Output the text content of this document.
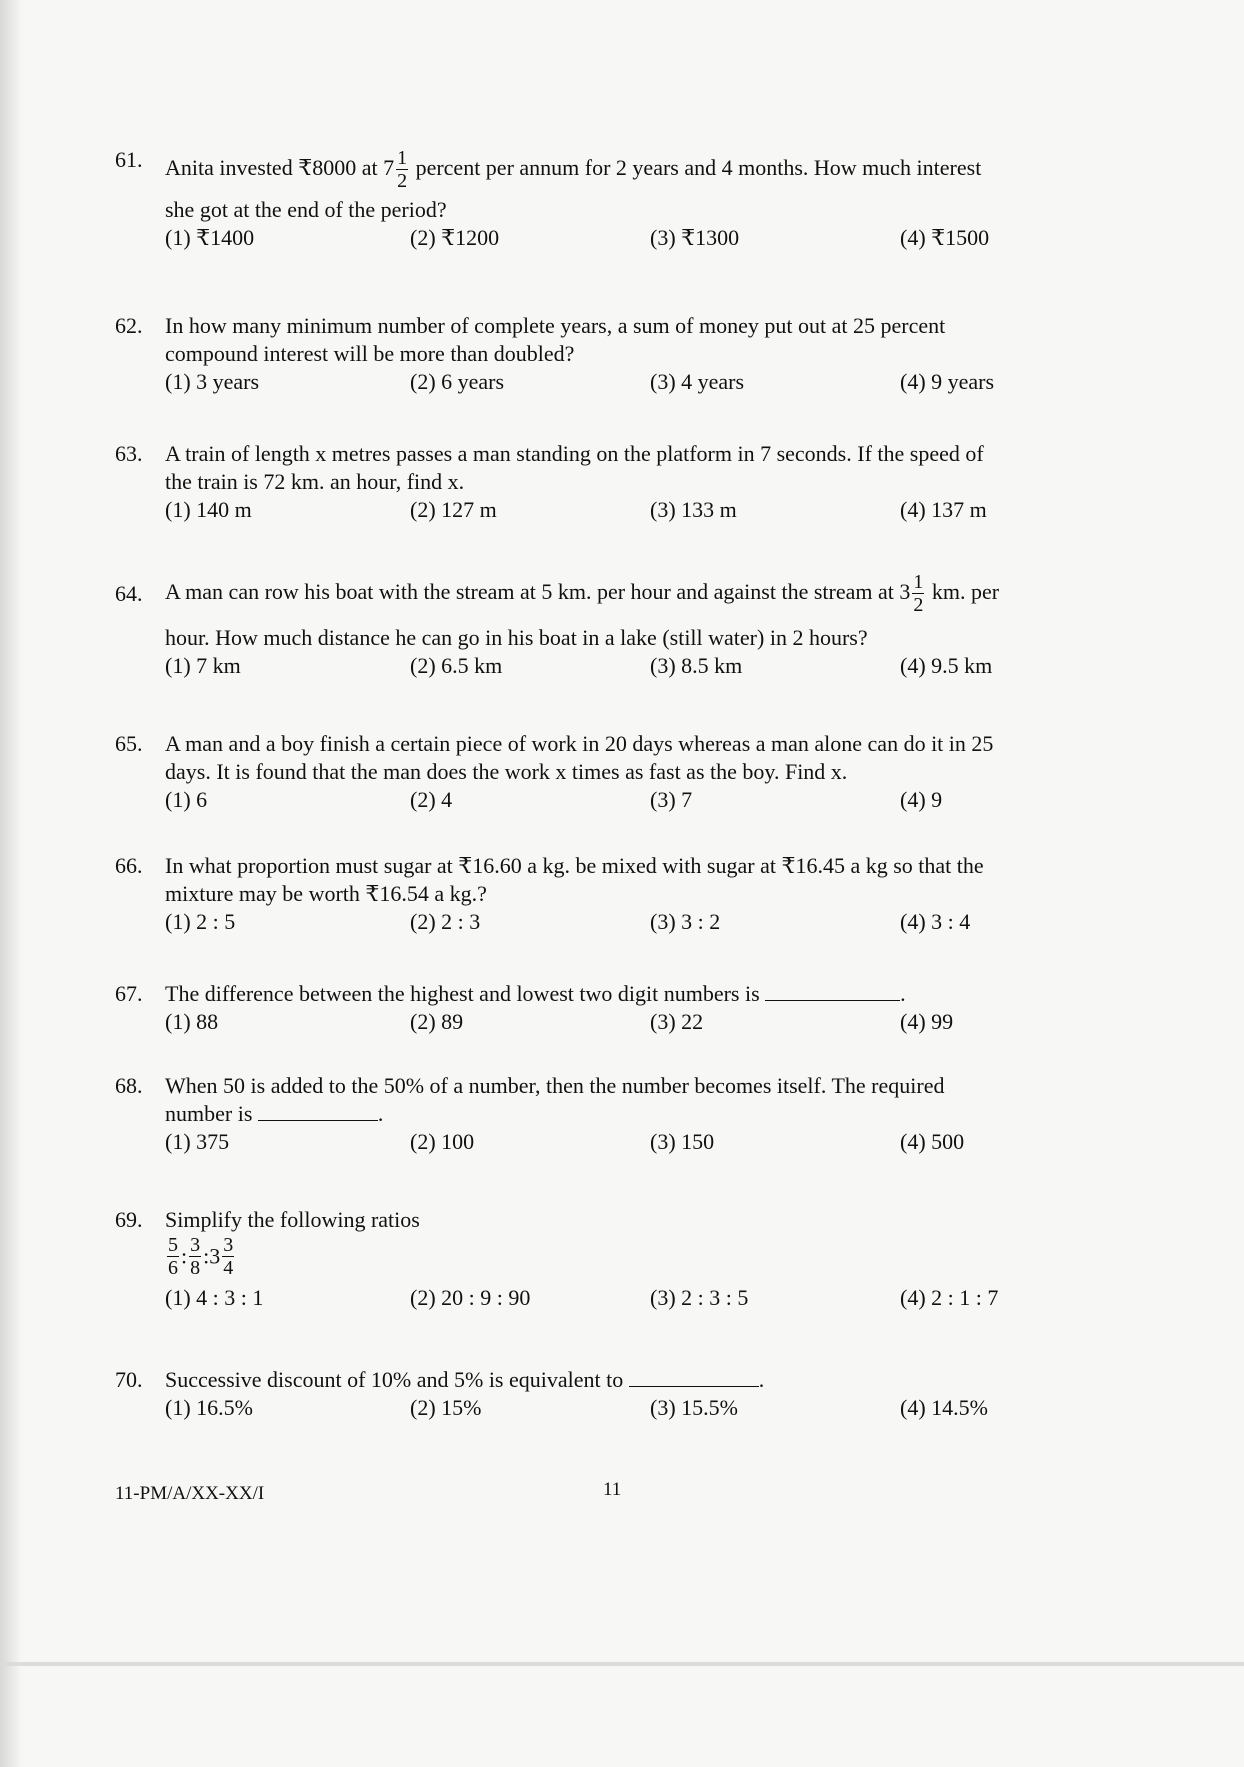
61. Anita invested ₹8000 at $7 \frac{1}{2}$ percent per annum for 2 years and 4 months. How much interest
she got at the end of the period?
(1) ₹1400	(2) ₹1200	(3) ₹1300	(4) ₹1500
62. In how many minimum number of complete years, a sum of money put out at 25 percent
compound interest will be more than doubled?
(1) 3 years	(2) 6 years	(3) 4 years	(4) 9 years
63. A train of length x metres passes a man standing on the platform in 7 seconds. If the speed of
the train is 72 km. an hour, find x.
(1) 140 m	(2) 127 m	(3) 133 m	(4) 137 m
64. A man can row his boat with the stream at 5 km. per hour and against the stream at $3 \frac{1}{2}$ km. per
hour. How much distance he can go in his boat in a lake (still water) in 2 hours?
(1) 7 km	(2) 6.5 km	(3) 8.5 km	(4) 9.5 km
65. A man and a boy finish a certain piece of work in 20 days whereas a man alone can do it in 25
days. It is found that the man does the work x times as fast as the boy. Find x.
(1) 6	(2) 4	(3) 7	(4) 9
66. In what proportion must sugar at ₹16.60 a kg. be mixed with sugar at ₹16.45 a kg so that the
mixture may be worth ₹16.54 a kg.?
(1) 2 : 5	(2) 2 : 3	(3) 3 : 2	(4) 3 : 4
67. The difference between the highest and lowest two digit numbers is	.
(1) 88	(2) 89	(3) 22	(4) 99
68. When 50 is added to the 50% of a number, then the number becomes itself. The required
number is	.
(1) 375	(2) 100	(3) 150	(4) 500
69. Simplify the following ratios
$\frac{5}{6}$ : $\frac{3}{8}$ :3 $\frac{3}{4}$
(1) 4 : 3 : 1	(2) 20 : 9 : 90	(3) 2 : 3 : 5	(4) 2 : 1 : 7
70. Successive discount of 10% and 5% is equivalent to	.
(1) 16.5%	(2) 15%	(3) 15.5%	(4) 14.5%
11-PM/A/XX-XX/I	11
